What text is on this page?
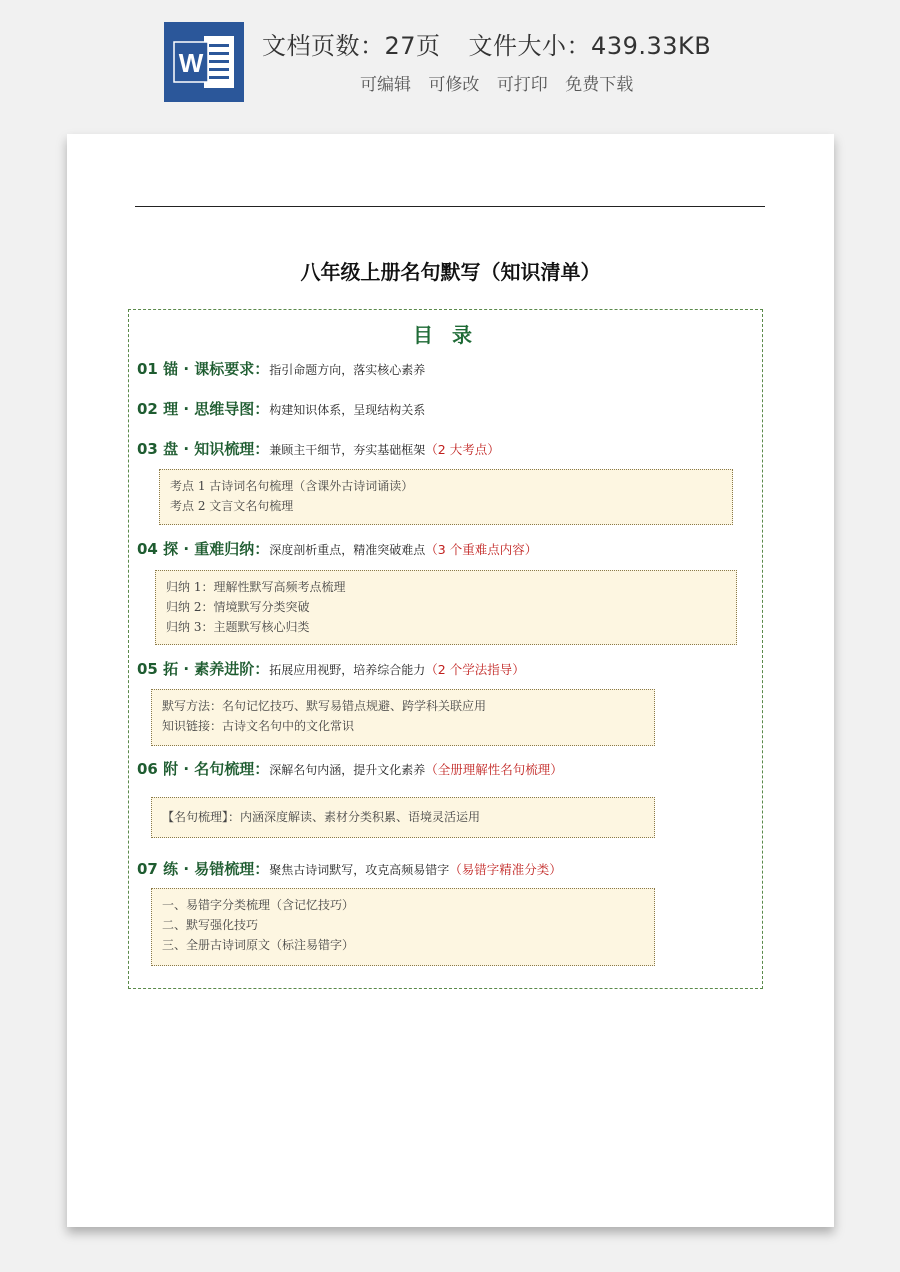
W
文档页数：27页 文件大小：439.33KB
可编辑 可修改 可打印 免费下载
八年级上册名句默写（知识清单）
目 录
01 锚 · 课标要求：指引命题方向，落实核心素养
02 理 · 思维导图：构建知识体系，呈现结构关系
03 盘 · 知识梳理：兼顾主干细节，夯实基础框架（2 大考点）
考点 1 古诗词名句梳理（含课外古诗词诵读）
考点 2 文言文名句梳理
04 探 · 重难归纳：深度剖析重点，精准突破难点（3 个重难点内容）
归纳 1：理解性默写高频考点梳理
归纳 2：情境默写分类突破
归纳 3：主题默写核心归类
05 拓 · 素养进阶：拓展应用视野，培养综合能力（2 个学法指导）
默写方法：名句记忆技巧、默写易错点规避、跨学科关联应用
知识链接：古诗文名句中的文化常识
06 附 · 名句梳理：深解名句内涵，提升文化素养（全册理解性名句梳理）
【名句梳理】：内涵深度解读、素材分类积累、语境灵活运用
07 练 · 易错梳理：聚焦古诗词默写，攻克高频易错字（易错字精准分类）
一、易错字分类梳理（含记忆技巧）
二、默写强化技巧
三、全册古诗词原文（标注易错字）
